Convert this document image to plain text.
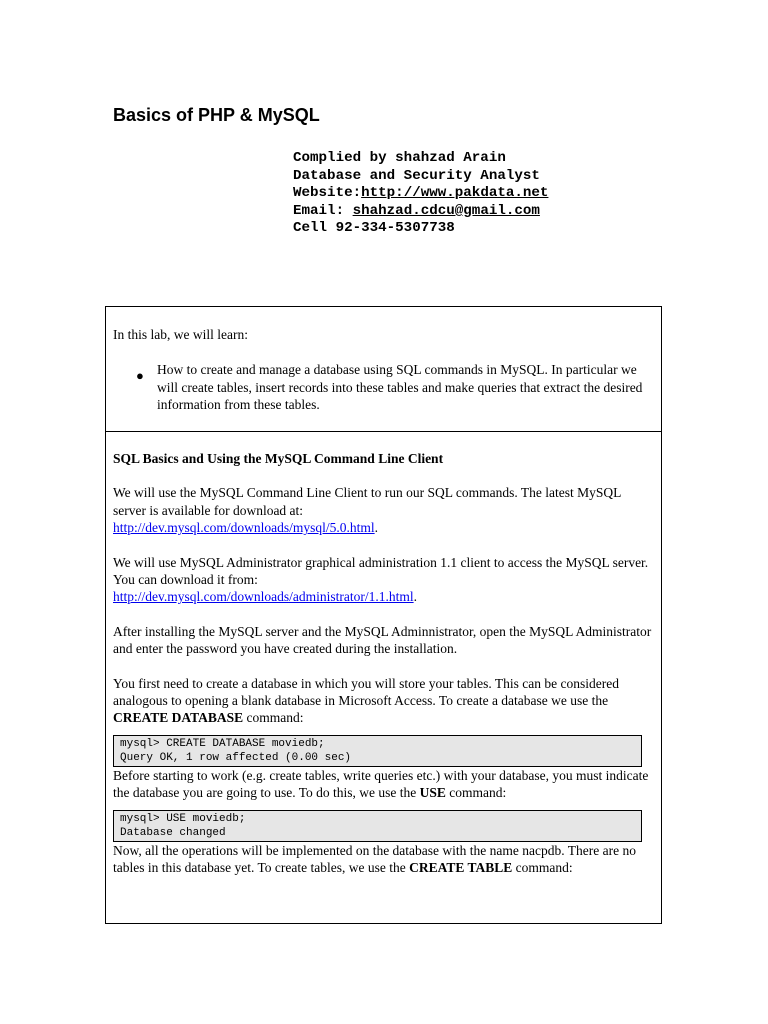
Basics of PHP & MySQL
Complied by shahzad Arain
Database and Security Analyst
Website:http://www.pakdata.net
Email: shahzad.cdcu@gmail.com
Cell 92-334-5307738
In this lab, we will learn:
● How to create and manage a database using SQL commands in MySQL. In particular we will create tables, insert records into these tables and make queries that extract the desired information from these tables.

SQL Basics and Using the MySQL Command Line Client

We will use the MySQL Command Line Client to run our SQL commands. The latest MySQL server is available for download at:
http://dev.mysql.com/downloads/mysql/5.0.html.

We will use MySQL Administrator graphical administration 1.1 client to access the MySQL server. You can download it from:
http://dev.mysql.com/downloads/administrator/1.1.html.

After installing the MySQL server and the MySQL Adminnistrator, open the MySQL Administrator and enter the password you have created during the installation.

You first need to create a database in which you will store your tables. This can be considered analogous to opening a blank database in Microsoft Access. To create a database we use the CREATE DATABASE command:

mysql> CREATE DATABASE moviedb;
Query OK, 1 row affected (0.00 sec)

Before starting to work (e.g. create tables, write queries etc.) with your database, you must indicate the database you are going to use. To do this, we use the USE command:

mysql> USE moviedb;
Database changed

Now, all the operations will be implemented on the database with the name nacpdb. There are no tables in this database yet. To create tables, we use the CREATE TABLE command:
